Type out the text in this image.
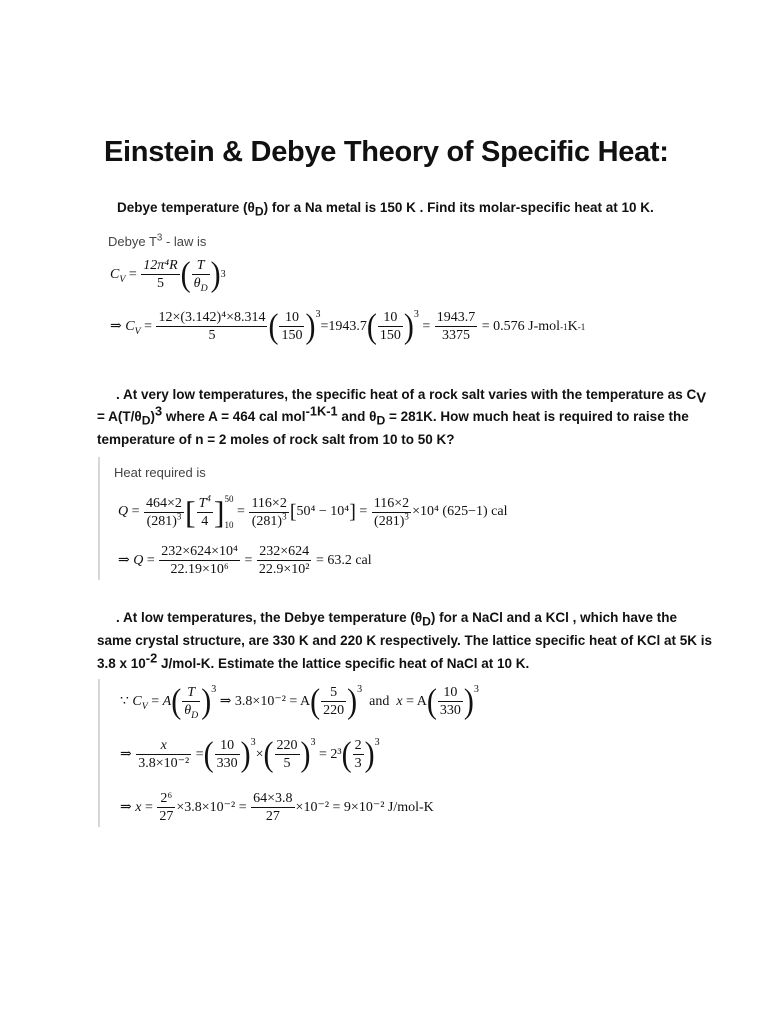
Einstein & Debye Theory of Specific Heat:
Debye temperature (θD) for a Na metal is 150 K . Find its molar-specific heat at 10 K.
Debye $T^3$ - law is
$C_V = \frac{\text{12π⁴R}}{5}$ ( $\frac{T}{\theta_D}$ ) 3
⇒ $C_V = \frac{\text{12×(3.142)⁴×8.314}}{5}$ ( $\frac{10}{150}$ ) 3
=1943.7 ( $\frac{10}{150}$ ) 3
= $\frac{1943.7}{3375}$
= 0.576 J-mol -1 K -1
. At very low temperatures, the specific heat of a rock salt varies with the temperature as CV
= A(T/θD)3 where A = 464 cal mol-1K-1 and θD = 281K. How much heat is required to raise the
temperature of n = 2 moles of rock salt from 10 to 50 K?
Heat required is
$Q = \frac{464\times 2}{(281)^3}$ [ $\frac{T^4}{4}$ ] 50
10
= $\frac{116\times 2}{(281)^3}$ [ 50⁴ − 10⁴ ] = $\frac{116\times 2}{(281)^3} \times 10^4$ (625−1) cal
⇒ $Q = \frac{\text{232×624×10⁴}}{\text{22.19×10⁶}} = \frac{232\times 624}{\text{22.9×10²}}$
= 63.2 cal
. At low temperatures, the Debye temperature (θD) for a NaCl and a KCl , which have the
same crystal structure, are 330 K and 220 K respectively. The lattice specific heat of KCl at 5K is
3.8 x 10-2 J/mol-K. Estimate the lattice specific heat of NaCl at 10 K.
∵
$C_V = A$ ( $\frac{T}{\theta_D}$ ) 3

⇒ 3.8×10⁻² = A ( $\frac{5}{220}$ ) 3

and
x
= A ( $\frac{10}{330}$ ) 3
⇒ $\frac{x}{\text{3.8×10⁻²}}$ = ( $\frac{10}{330}$ ) 3
× ( $\frac{220}{5}$ ) 3

= 2³ ( $\frac{2}{3}$ ) 3
⇒ $x = \frac{\text{2⁶}}{27} \times 3.8\times 10^{-2}$ =
$\frac{64\times 3.8}{27} \times 10^{-2} = 9\times 10^{-2}$ J/mol-K
